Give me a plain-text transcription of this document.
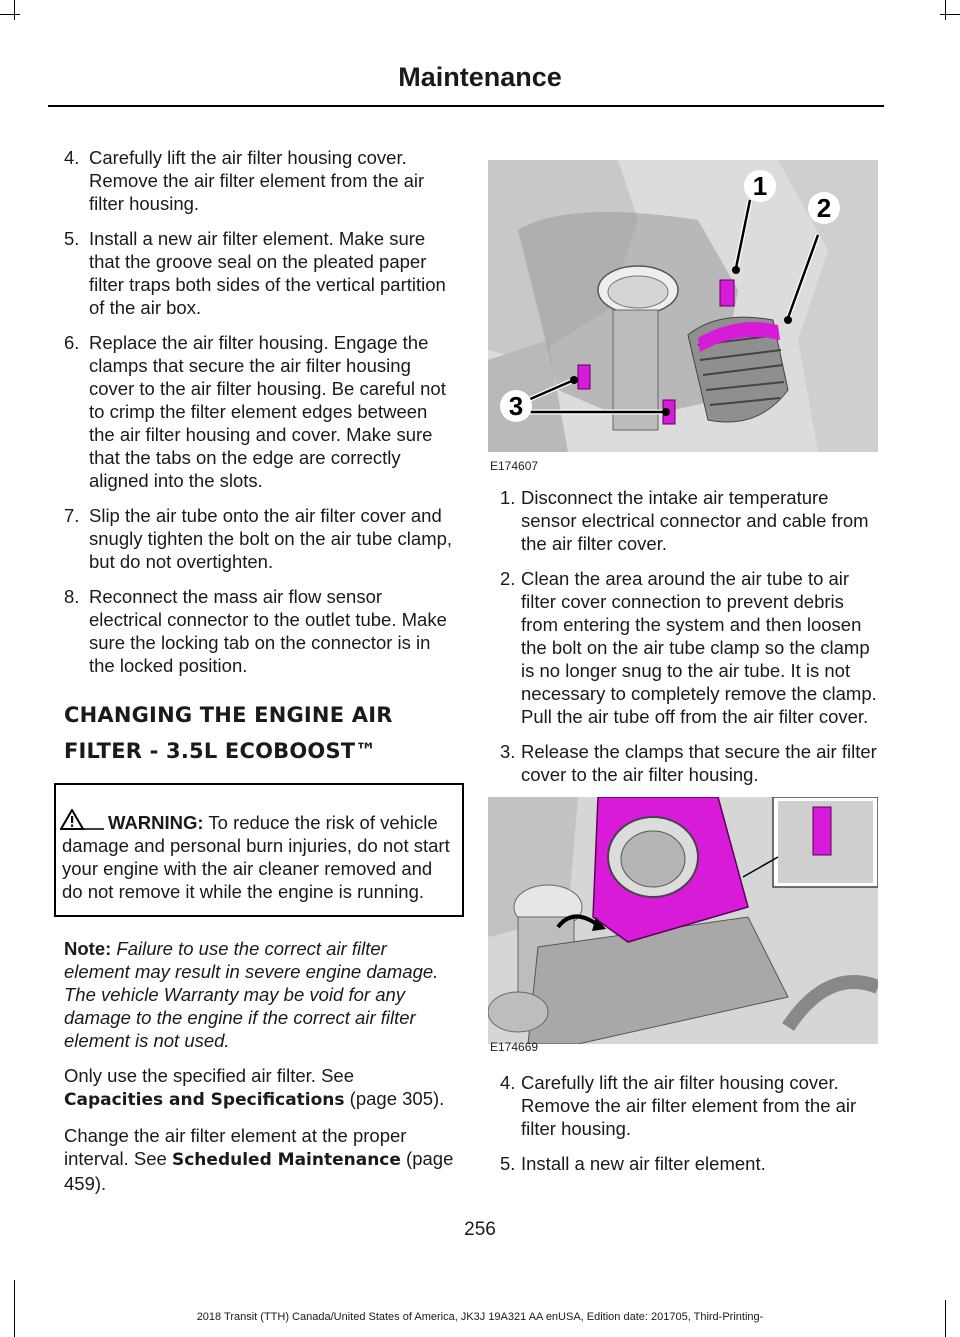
Maintenance
4. Carefully lift the air filter housing cover. Remove the air filter element from the air filter housing.
5. Install a new air filter element. Make sure that the groove seal on the pleated paper filter traps both sides of the vertical partition of the air box.
6. Replace the air filter housing. Engage the clamps that secure the air filter housing cover to the air filter housing. Be careful not to crimp the filter element edges between the air filter housing and cover. Make sure that the tabs on the edge are correctly aligned into the slots.
7. Slip the air tube onto the air filter cover and snugly tighten the bolt on the air tube clamp, but do not overtighten.
8. Reconnect the mass air flow sensor electrical connector to the outlet tube. Make sure the locking tab on the connector is in the locked position.
CHANGING THE ENGINE AIR
FILTER - 3.5L ECOBOOST™
WARNING: To reduce the risk of vehicle damage and personal burn injuries, do not start your engine with the air cleaner removed and do not remove it while the engine is running.
Note: Failure to use the correct air filter element may result in severe engine damage. The vehicle Warranty may be void for any damage to the engine if the correct air filter element is not used.

Only use the specified air filter. See Capacities and Specifications (page 305).

Change the air filter element at the proper interval. See Scheduled Maintenance (page 459).

1
2
3
E174607
1. Disconnect the intake air temperature sensor electrical connector and cable from the air filter cover.
2. Clean the area around the air tube to air filter cover connection to prevent debris from entering the system and then loosen the bolt on the air tube clamp so the clamp is no longer snug to the air tube. It is not necessary to completely remove the clamp. Pull the air tube off from the air filter cover.
3. Release the clamps that secure the air filter cover to the air filter housing.
E174669
4. Carefully lift the air filter housing cover. Remove the air filter element from the air filter housing.
5. Install a new air filter element.
256
2018 Transit (TTH) Canada/United States of America, JK3J 19A321 AA enUSA, Edition date: 201705, Third-Printing-
